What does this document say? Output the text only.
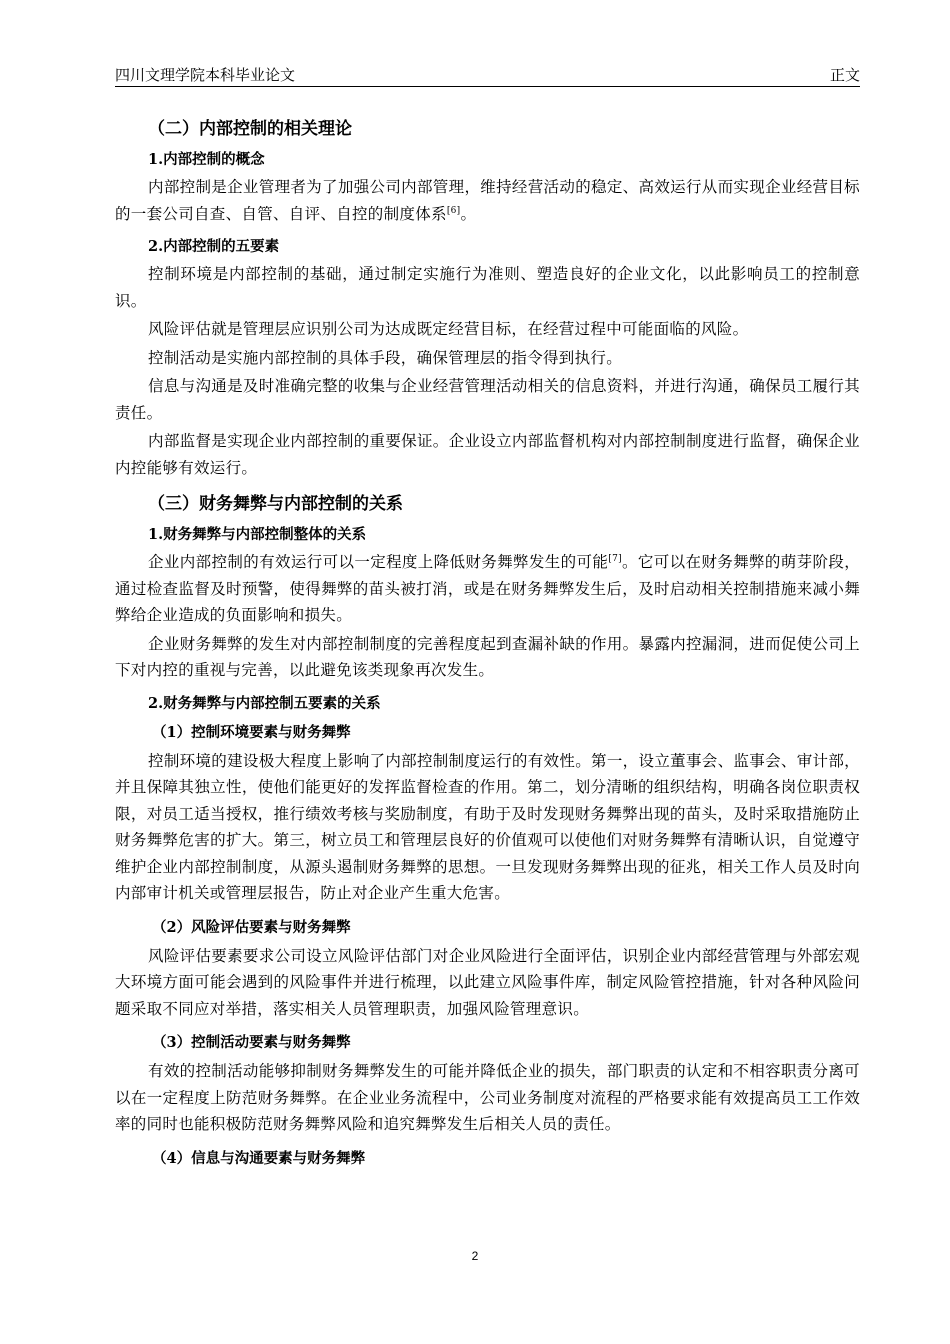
四川文理学院本科毕业论文	正文
（二）内部控制的相关理论
1.内部控制的概念

内部控制是企业管理者为了加强公司内部管理，维持经营活动的稳定、高效运行从而实现企业经营目标的一套公司自查、自管、自评、自控的制度体系[6]。

2.内部控制的五要素

控制环境是内部控制的基础，通过制定实施行为准则、塑造良好的企业文化，以此影响员工的控制意识。

风险评估就是管理层应识别公司为达成既定经营目标，在经营过程中可能面临的风险。

控制活动是实施内部控制的具体手段，确保管理层的指令得到执行。

信息与沟通是及时准确完整的收集与企业经营管理活动相关的信息资料，并进行沟通，确保员工履行其责任。

内部监督是实现企业内部控制的重要保证。企业设立内部监督机构对内部控制制度进行监督，确保企业内控能够有效运行。

（三）财务舞弊与内部控制的关系
1.财务舞弊与内部控制整体的关系

企业内部控制的有效运行可以一定程度上降低财务舞弊发生的可能[7]。它可以在财务舞弊的萌芽阶段，通过检查监督及时预警，使得舞弊的苗头被打消，或是在财务舞弊发生后，及时启动相关控制措施来减小舞弊给企业造成的负面影响和损失。

企业财务舞弊的发生对内部控制制度的完善程度起到查漏补缺的作用。暴露内控漏洞，进而促使公司上下对内控的重视与完善，以此避免该类现象再次发生。

2.财务舞弊与内部控制五要素的关系
（1）控制环境要素与财务舞弊

控制环境的建设极大程度上影响了内部控制制度运行的有效性。第一，设立董事会、监事会、审计部，并且保障其独立性，使他们能更好的发挥监督检查的作用。第二，划分清晰的组织结构，明确各岗位职责权限，对员工适当授权，推行绩效考核与奖励制度，有助于及时发现财务舞弊出现的苗头，及时采取措施防止财务舞弊危害的扩大。第三，树立员工和管理层良好的价值观可以使他们对财务舞弊有清晰认识，自觉遵守维护企业内部控制制度，从源头遏制财务舞弊的思想。一旦发现财务舞弊出现的征兆，相关工作人员及时向内部审计机关或管理层报告，防止对企业产生重大危害。

（2）风险评估要素与财务舞弊

风险评估要素要求公司设立风险评估部门对企业风险进行全面评估，识别企业内部经营管理与外部宏观大环境方面可能会遇到的风险事件并进行梳理，以此建立风险事件库，制定风险管控措施，针对各种风险问题采取不同应对举措，落实相关人员管理职责，加强风险管理意识。

（3）控制活动要素与财务舞弊

有效的控制活动能够抑制财务舞弊发生的可能并降低企业的损失，部门职责的认定和不相容职责分离可以在一定程度上防范财务舞弊。在企业业务流程中，公司业务制度对流程的严格要求能有效提高员工工作效率的同时也能积极防范财务舞弊风险和追究舞弊发生后相关人员的责任。

（4）信息与沟通要素与财务舞弊
2
